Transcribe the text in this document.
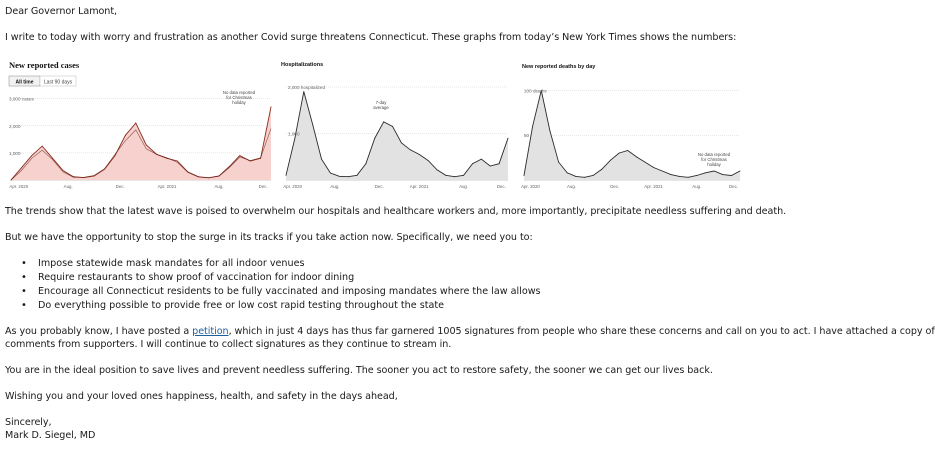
Dear Governor Lamont,
I write to today with worry and frustration as another Covid surge threatens Connecticut. These graphs from today’s New York Times shows the numbers:
New reported cases
All time Last 90 days
3,000 cases
2,000
1,000
Apr. 2020	Aug.	Dec.	Apr. 2021	Aug.	Dec.
No data reported
for Christmas
holiday
Hospitalizations
2,000 hospitalized
1,000
Apr. 2020	Aug.	Dec.	Apr. 2021	Aug.	Dec.
7-day
average
New reported deaths by day
100 deaths
50
Apr. 2020	Aug.	Dec.	Apr. 2021	Aug.	Dec.
No data reported
for Christmas
holiday
The trends show that the latest wave is poised to overwhelm our hospitals and healthcare workers and, more importantly, precipitate needless suffering and death.
But we have the opportunity to stop the surge in its tracks if you take action now. Specifically, we need you to:
• Impose statewide mask mandates for all indoor venues
• Require restaurants to show proof of vaccination for indoor dining
• Encourage all Connecticut residents to be fully vaccinated and imposing mandates where the law allows
• Do everything possible to provide free or low cost rapid testing throughout the state
As you probably know, I have posted a petition, which in just 4 days has thus far garnered 1005 signatures from people who share these concerns and call on you to act. I have attached a copy of
comments from supporters. I will continue to collect signatures as they continue to stream in.
You are in the ideal position to save lives and prevent needless suffering. The sooner you act to restore safety, the sooner we can get our lives back.
Wishing you and your loved ones happiness, health, and safety in the days ahead,
Sincerely,
Mark D. Siegel, MD
